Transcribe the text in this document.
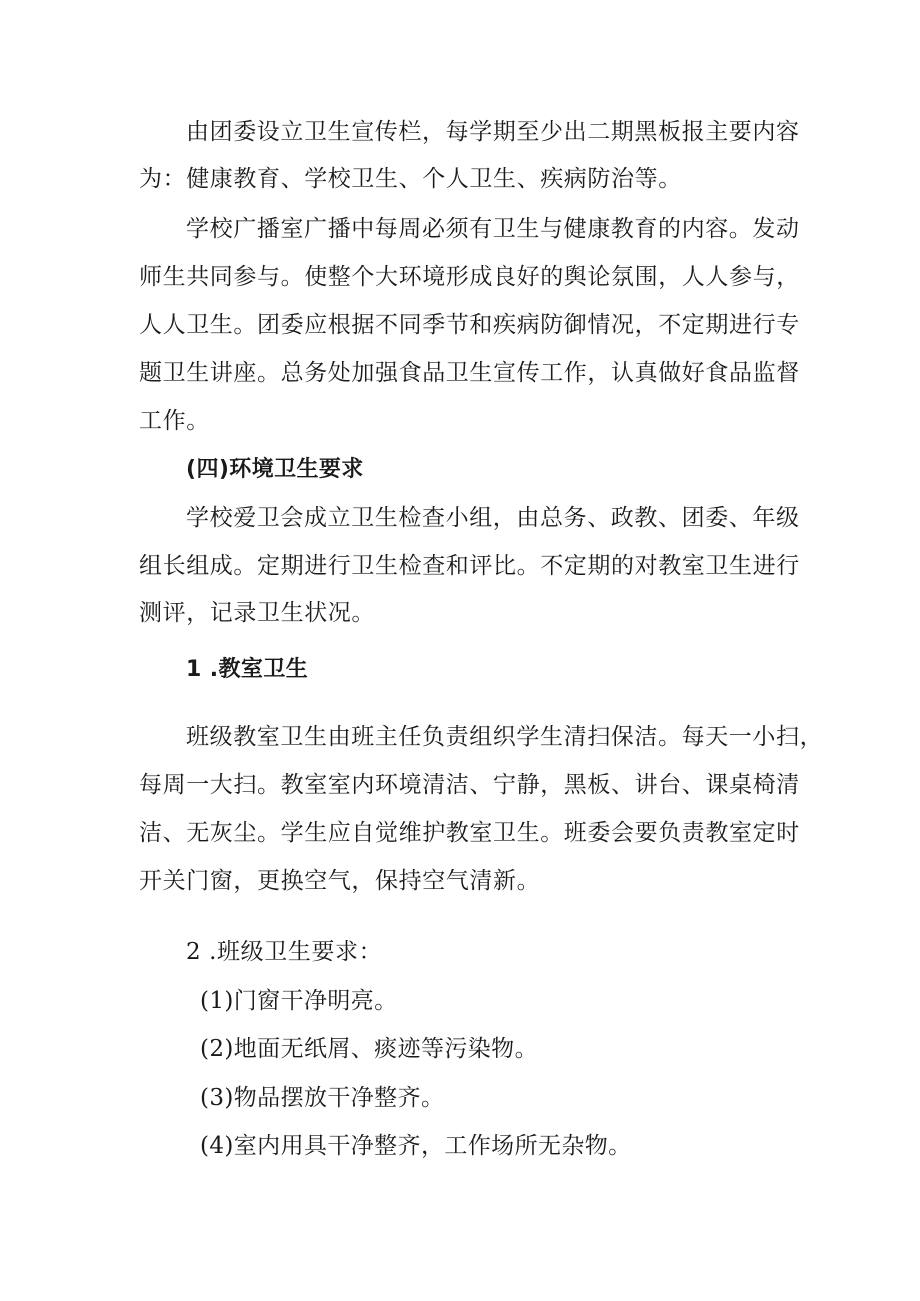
由团委设立卫生宣传栏，每学期至少出二期黑板报主要内容
为：健康教育、学校卫生、个人卫生、疾病防治等。
学校广播室广播中每周必须有卫生与健康教育的内容。发动
师生共同参与。使整个大环境形成良好的舆论氛围，人人参与，
人人卫生。团委应根据不同季节和疾病防御情况，不定期进行专
题卫生讲座。总务处加强食品卫生宣传工作，认真做好食品监督
工作。
(四)环境卫生要求
学校爱卫会成立卫生检查小组，由总务、政教、团委、年级
组长组成。定期进行卫生检查和评比。不定期的对教室卫生进行
测评，记录卫生状况。
1 .教室卫生
班级教室卫生由班主任负责组织学生清扫保洁。每天一小扫，
每周一大扫。教室室内环境清洁、宁静，黑板、讲台、课桌椅清
洁、无灰尘。学生应自觉维护教室卫生。班委会要负责教室定时
开关门窗，更换空气，保持空气清新。
2 .班级卫生要求：
(1)门窗干净明亮。
(2)地面无纸屑、痰迹等污染物。
(3)物品摆放干净整齐。
(4)室内用具干净整齐，工作场所无杂物。
